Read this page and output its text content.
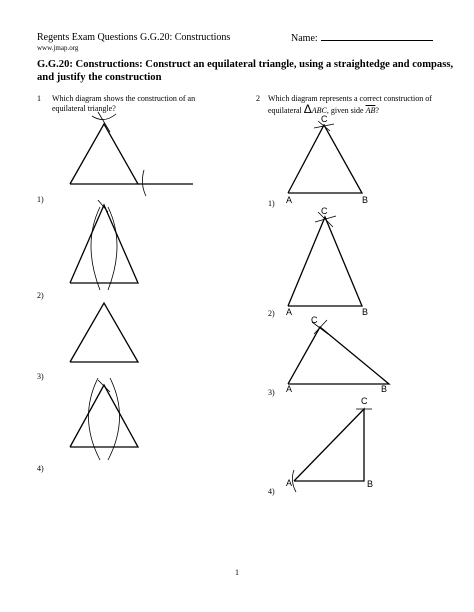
Regents Exam Questions G.G.20: Constructions
www.jmap.org
Name:
G.G.20: Constructions: Construct an equilateral triangle, using a straightedge and compass, and justify the construction
1 Which diagram shows the construction of an equilateral triangle?
2 Which diagram represents a correct construction of
equilateral ΔABC, given side $\overline{AB}$?
1)
2)
3)
4)
1)
2)
3)
4)
A	B
C
A	B
C
A	B
C
A	B
C
1
